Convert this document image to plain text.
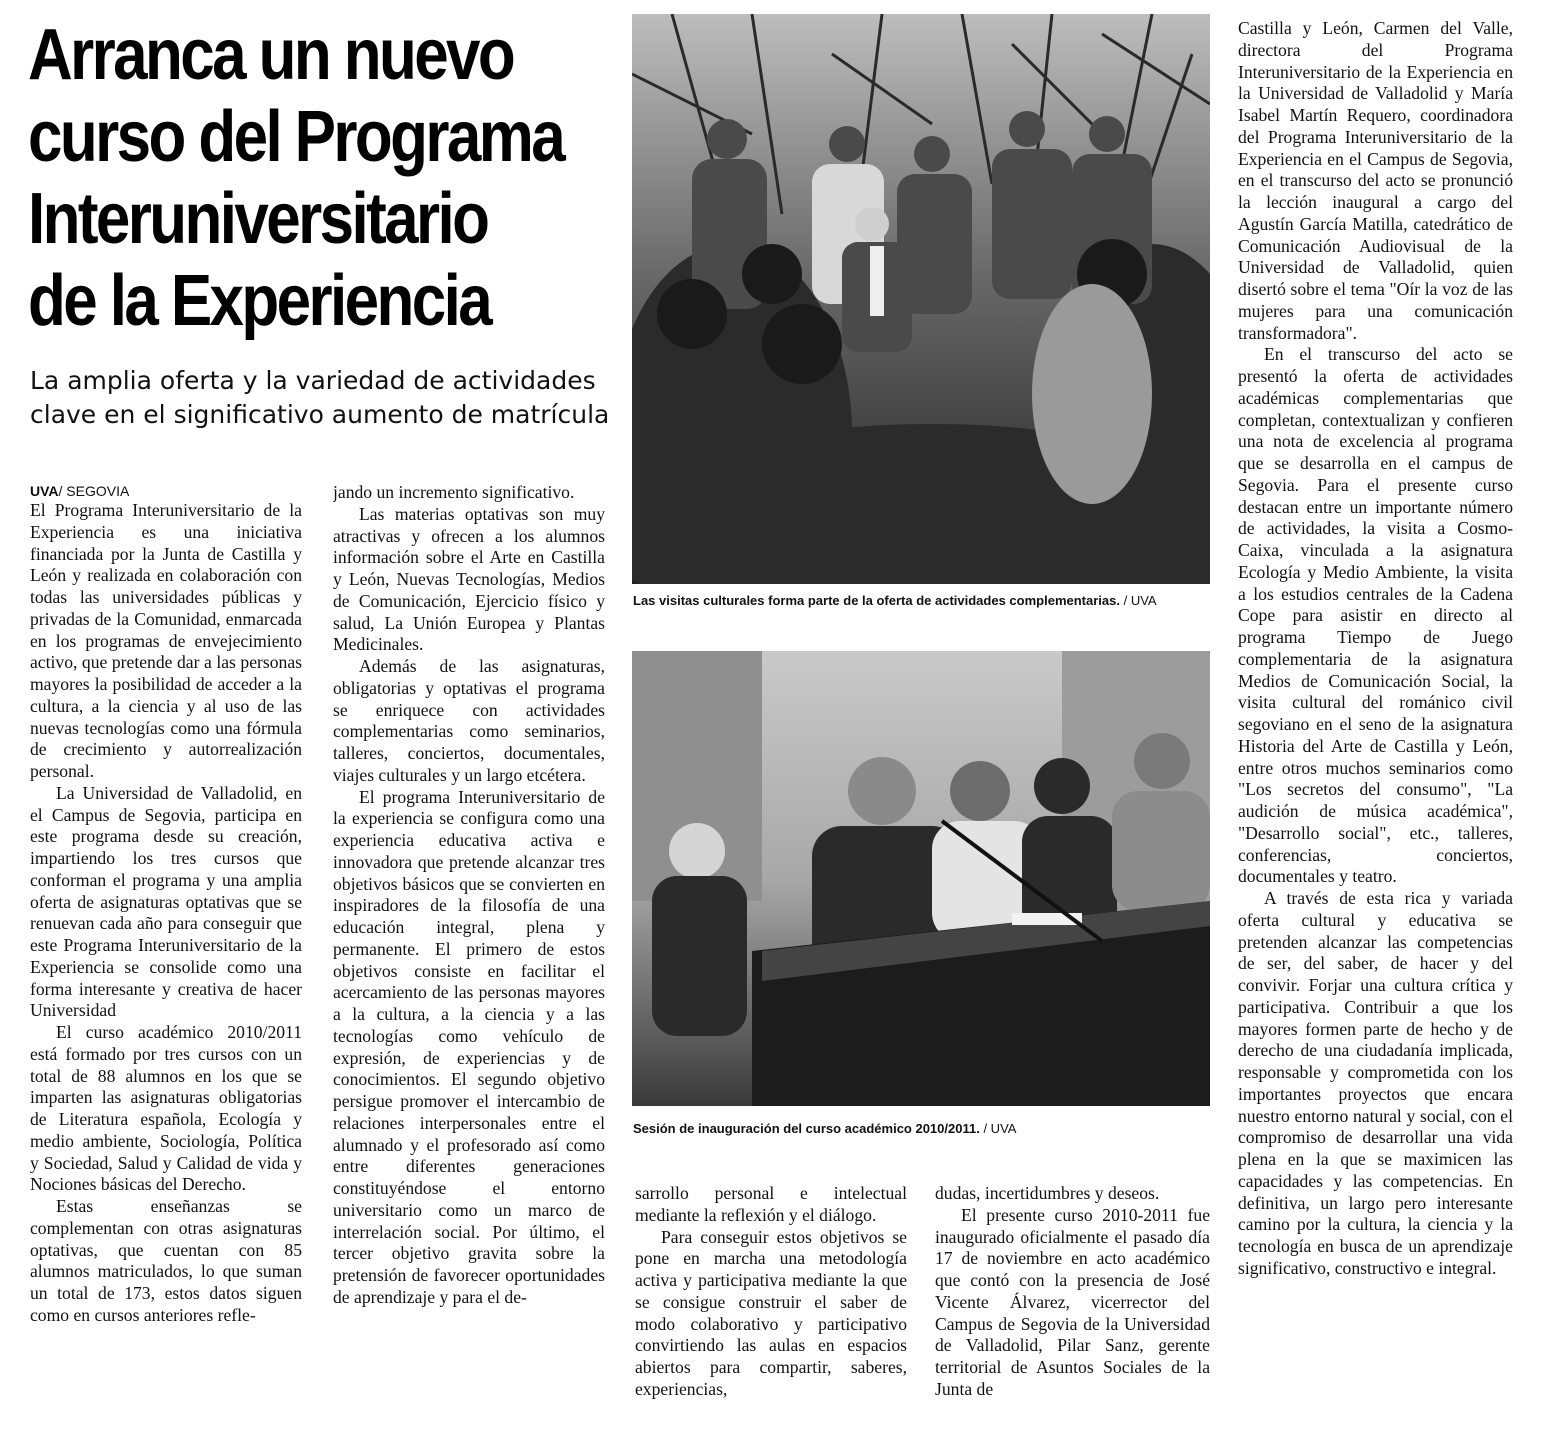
Arranca un nuevo
curso del Programa
Interuniversitario
de la Experiencia
La amplia oferta y la variedad de actividades
clave en el significativo aumento de matrícula
UVA/ SEGOVIA

El Programa Interuniversitario de la Experiencia es una iniciativa financiada por la Junta de Castilla y León y realizada en colaboración con todas las universidades públicas y privadas de la Comunidad, enmarcada en los programas de envejecimiento activo, que pretende dar a las personas mayores la posibilidad de acceder a la cultura, a la ciencia y al uso de las nuevas tecnologías como una fórmula de crecimiento y autorrealización personal.

La Universidad de Valladolid, en el Campus de Segovia, participa en este programa desde su creación, impartiendo los tres cursos que conforman el programa y una amplia oferta de asignaturas optativas que se renuevan cada año para conseguir que este Programa Interuniversitario de la Experiencia se consolide como una forma interesante y creativa de hacer Universidad

El curso académico 2010/2011 está formado por tres cursos con un total de 88 alumnos en los que se imparten las asignaturas obligatorias de Literatura española, Ecología y medio ambiente, Sociología, Política y Sociedad, Salud y Calidad de vida y Nociones básicas del Derecho.

Estas enseñanzas se complementan con otras asignaturas optativas, que cuentan con 85 alumnos matriculados, lo que suman un total de 173, estos datos siguen como en cursos anteriores refle-

jando un incremento significativo.

Las materias optativas son muy atractivas y ofrecen a los alumnos información sobre el Arte en Castilla y León, Nuevas Tecnologías, Medios de Comunicación, Ejercicio físico y salud, La Unión Europea y Plantas Medicinales.

Además de las asignaturas, obligatorias y optativas el programa se enriquece con actividades complementarias como seminarios, talleres, conciertos, documentales, viajes culturales y un largo etcétera.

El programa Interuniversitario de la experiencia se configura como una experiencia educativa activa e innovadora que pretende alcanzar tres objetivos básicos que se convierten en inspiradores de la filosofía de una educación integral, plena y permanente. El primero de estos objetivos consiste en facilitar el acercamiento de las personas mayores a la cultura, a la ciencia y a las tecnologías como vehículo de expresión, de experiencias y de conocimientos. El segundo objetivo persigue promover el intercambio de relaciones interpersonales entre el alumnado y el profesorado así como entre diferentes generaciones constituyéndose el entorno universitario como un marco de interrelación social. Por último, el tercer objetivo gravita sobre la pretensión de favorecer oportunidades de aprendizaje y para el de-

Las visitas culturales forma parte de la oferta de actividades complementarias. / UVA
Sesión de inauguración del curso académico 2010/2011. / UVA

sarrollo personal e intelectual mediante la reflexión y el diálogo.

Para conseguir estos objetivos se pone en marcha una metodología activa y participativa mediante la que se consigue construir el saber de modo colaborativo y participativo convirtiendo las aulas en espacios abiertos para compartir, saberes, experiencias,

dudas, incertidumbres y deseos.

El presente curso 2010-2011 fue inaugurado oficialmente el pasado día 17 de noviembre en acto académico que contó con la presencia de José Vicente Álvarez, vicerrector del Campus de Segovia de la Universidad de Valladolid, Pilar Sanz, gerente territorial de Asuntos Sociales de la Junta de

Castilla y León, Carmen del Valle, directora del Programa Interuniversitario de la Experiencia en la Universidad de Valladolid y María Isabel Martín Requero, coordinadora del Programa Interuniversitario de la Experiencia en el Campus de Segovia, en el transcurso del acto se pronunció la lección inaugural a cargo del Agustín García Matilla, catedrático de Comunicación Audiovisual de la Universidad de Valladolid, quien disertó sobre el tema "Oír la voz de las mujeres para una comunicación transformadora".

En el transcurso del acto se presentó la oferta de actividades académicas complementarias que completan, contextualizan y confieren una nota de excelencia al programa que se desarrolla en el campus de Segovia. Para el presente curso destacan entre un importante número de actividades, la visita a Cosmo-Caixa, vinculada a la asignatura Ecología y Medio Ambiente, la visita a los estudios centrales de la Cadena Cope para asistir en directo al programa Tiempo de Juego complementaria de la asignatura Medios de Comunicación Social, la visita cultural del románico civil segoviano en el seno de la asignatura Historia del Arte de Castilla y León, entre otros muchos seminarios como "Los secretos del consumo", "La audición de música académica", "Desarrollo social", etc., talleres, conferencias, conciertos, documentales y teatro.

A través de esta rica y variada oferta cultural y educativa se pretenden alcanzar las competencias de ser, del saber, de hacer y del convivir. Forjar una cultura crítica y participativa. Contribuir a que los mayores formen parte de hecho y de derecho de una ciudadanía implicada, responsable y comprometida con los importantes proyectos que encara nuestro entorno natural y social, con el compromiso de desarrollar una vida plena en la que se maximicen las capacidades y las competencias. En definitiva, un largo pero interesante camino por la cultura, la ciencia y la tecnología en busca de un aprendizaje significativo, constructivo e integral.
